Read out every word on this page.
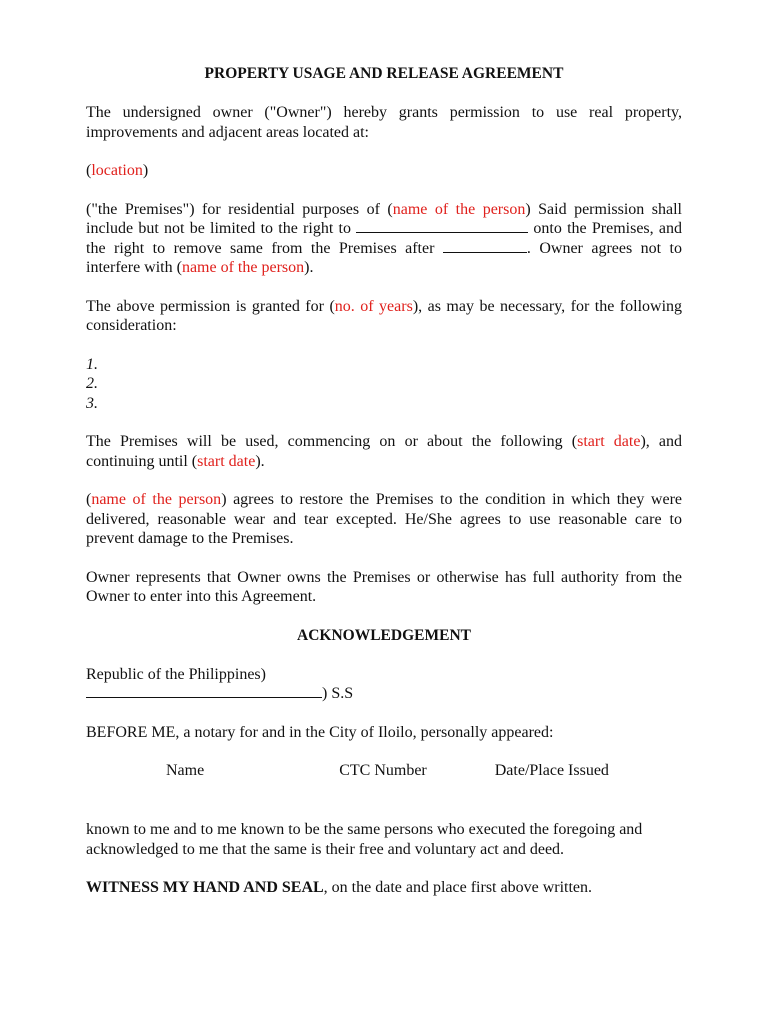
PROPERTY USAGE AND RELEASE AGREEMENT

The undersigned owner ("Owner") hereby grants permission to use real property, improvements and adjacent areas located at:

(location)

("the Premises") for residential purposes of (name of the person) Said permission shall include but not be limited to the right to	onto the Premises, and the right to remove same from the Premises after	. Owner agrees not to interfere with (name of the person).

The above permission is granted for (no. of years), as may be necessary, for the following consideration:

1.
2.
3.

The Premises will be used, commencing on or about the following (start date), and continuing until (start date).

(name of the person) agrees to restore the Premises to the condition in which they were delivered, reasonable wear and tear excepted. He/She agrees to use reasonable care to prevent damage to the Premises.

Owner represents that Owner owns the Premises or otherwise has full authority from the Owner to enter into this Agreement.

ACKNOWLEDGEMENT

Republic of the Philippines)

) S.S

BEFORE ME, a notary for and in the City of Iloilo, personally appeared:

Name	CTC Number	Date/Place Issued

known to me and to me known to be the same persons who executed the foregoing and acknowledged to me that the same is their free and voluntary act and deed.

WITNESS MY HAND AND SEAL, on the date and place first above written.
